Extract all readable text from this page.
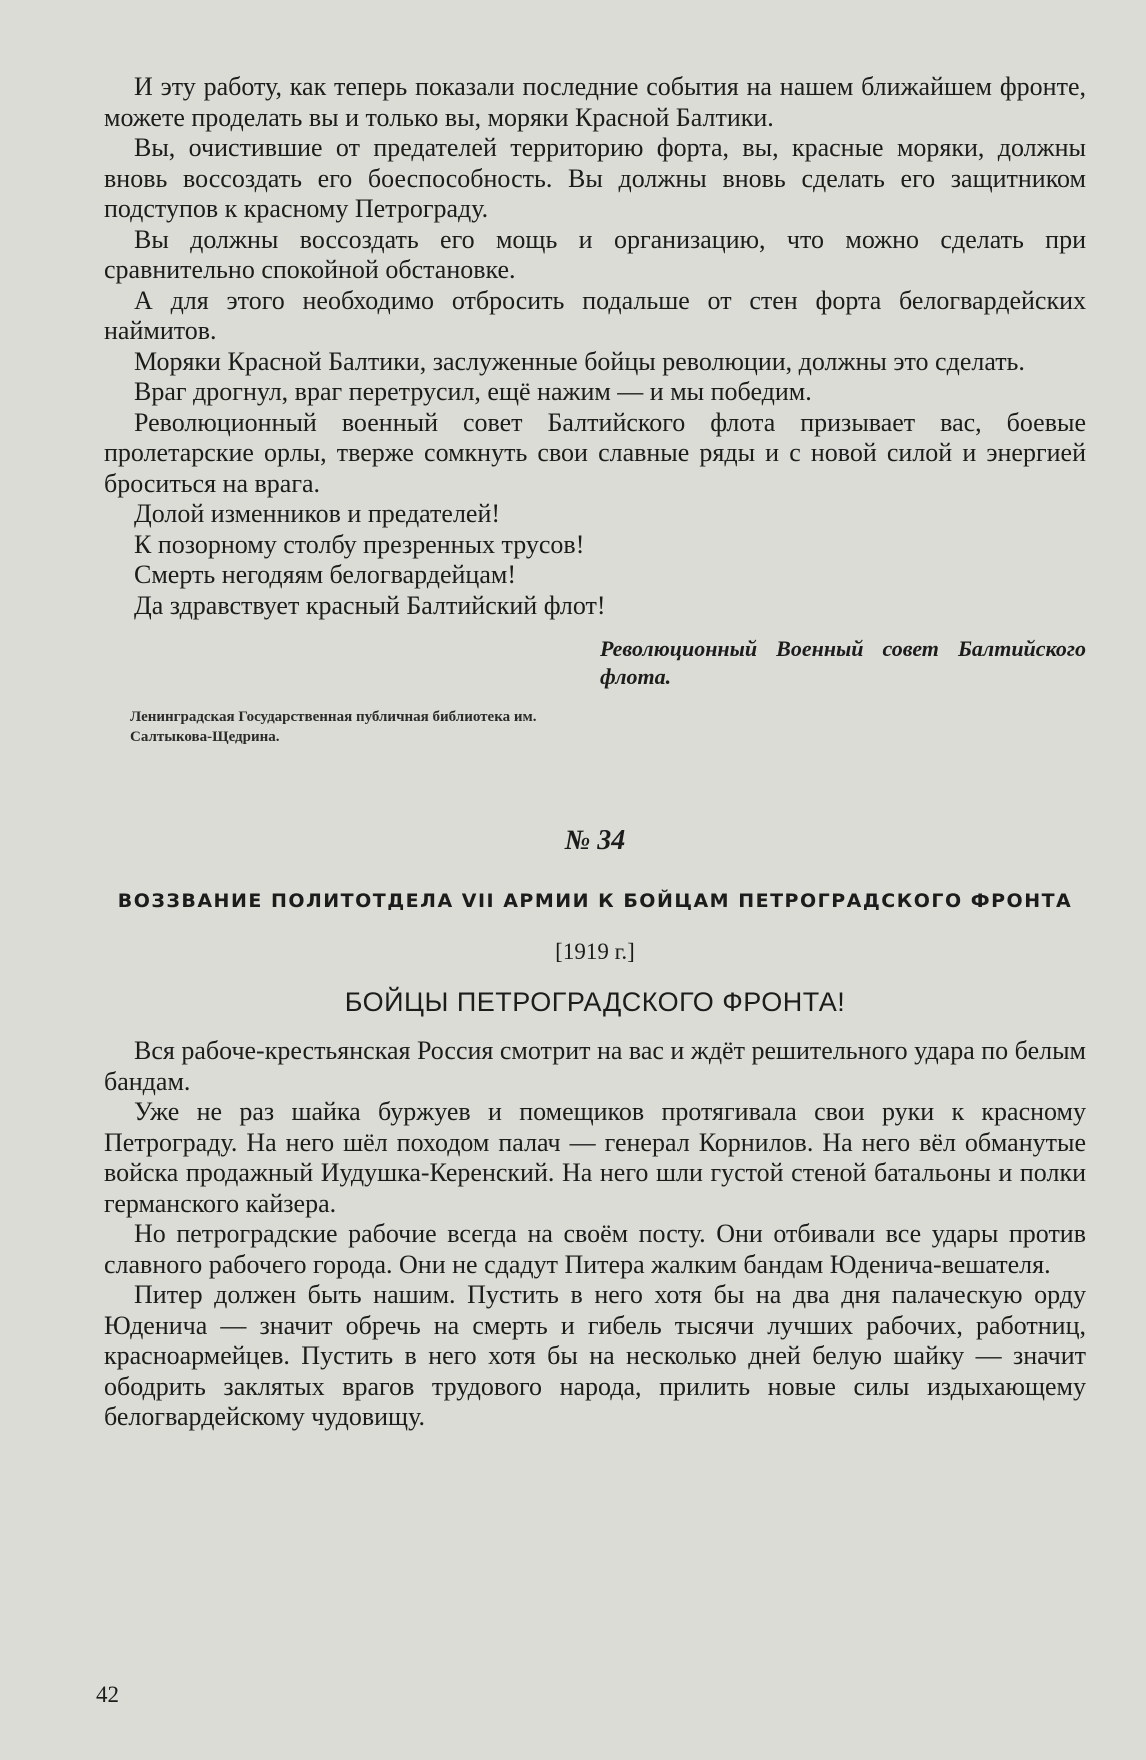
И эту работу, как теперь показали последние события на нашем ближайшем фронте, можете проделать вы и только вы, моряки Красной Балтики.

Вы, очистившие от предателей территорию форта, вы, красные моряки, должны вновь воссоздать его боеспособность. Вы должны вновь сделать его защитником подступов к красному Петрограду.

Вы должны воссоздать его мощь и организацию, что можно сделать при сравнительно спокойной обстановке.

А для этого необходимо отбросить подальше от стен форта белогвардейских наймитов.

Моряки Красной Балтики, заслуженные бойцы революции, должны это сделать.

Враг дрогнул, враг перетрусил, ещё нажим — и мы победим.

Революционный военный совет Балтийского флота призывает вас, боевые пролетарские орлы, тверже сомкнуть свои славные ряды и с новой силой и энергией броситься на врага.

Долой изменников и предателей!

К позорному столбу презренных трусов!

Смерть негодяям белогвардейцам!

Да здравствует красный Балтийский флот!

Революционный Военный совет Балтийского флота.
Ленинградская Государственная публичная библиотека им. Салтыкова-Щедрина.
№ 34
ВОЗЗВАНИЕ ПОЛИТОТДЕЛА VII АРМИИ К БОЙЦАМ ПЕТРОГРАДСКОГО ФРОНТА
[1919 г.]
БОЙЦЫ ПЕТРОГРАДСКОГО ФРОНТА!

Вся рабоче-крестьянская Россия смотрит на вас и ждёт решительного удара по белым бандам.

Уже не раз шайка буржуев и помещиков протягивала свои руки к красному Петрограду. На него шёл походом палач — генерал Корнилов. На него вёл обманутые войска продажный Иудушка-Керенский. На него шли густой стеной батальоны и полки германского кайзера.

Но петроградские рабочие всегда на своём посту. Они отбивали все удары против славного рабочего города. Они не сдадут Питера жалким бандам Юденича-вешателя.

Питер должен быть нашим. Пустить в него хотя бы на два дня палаческую орду Юденича — значит обречь на смерть и гибель тысячи лучших рабочих, работниц, красноармейцев. Пустить в него хотя бы на несколько дней белую шайку — значит ободрить заклятых врагов трудового народа, прилить новые силы издыхающему белогвардейскому чудовищу.

42
